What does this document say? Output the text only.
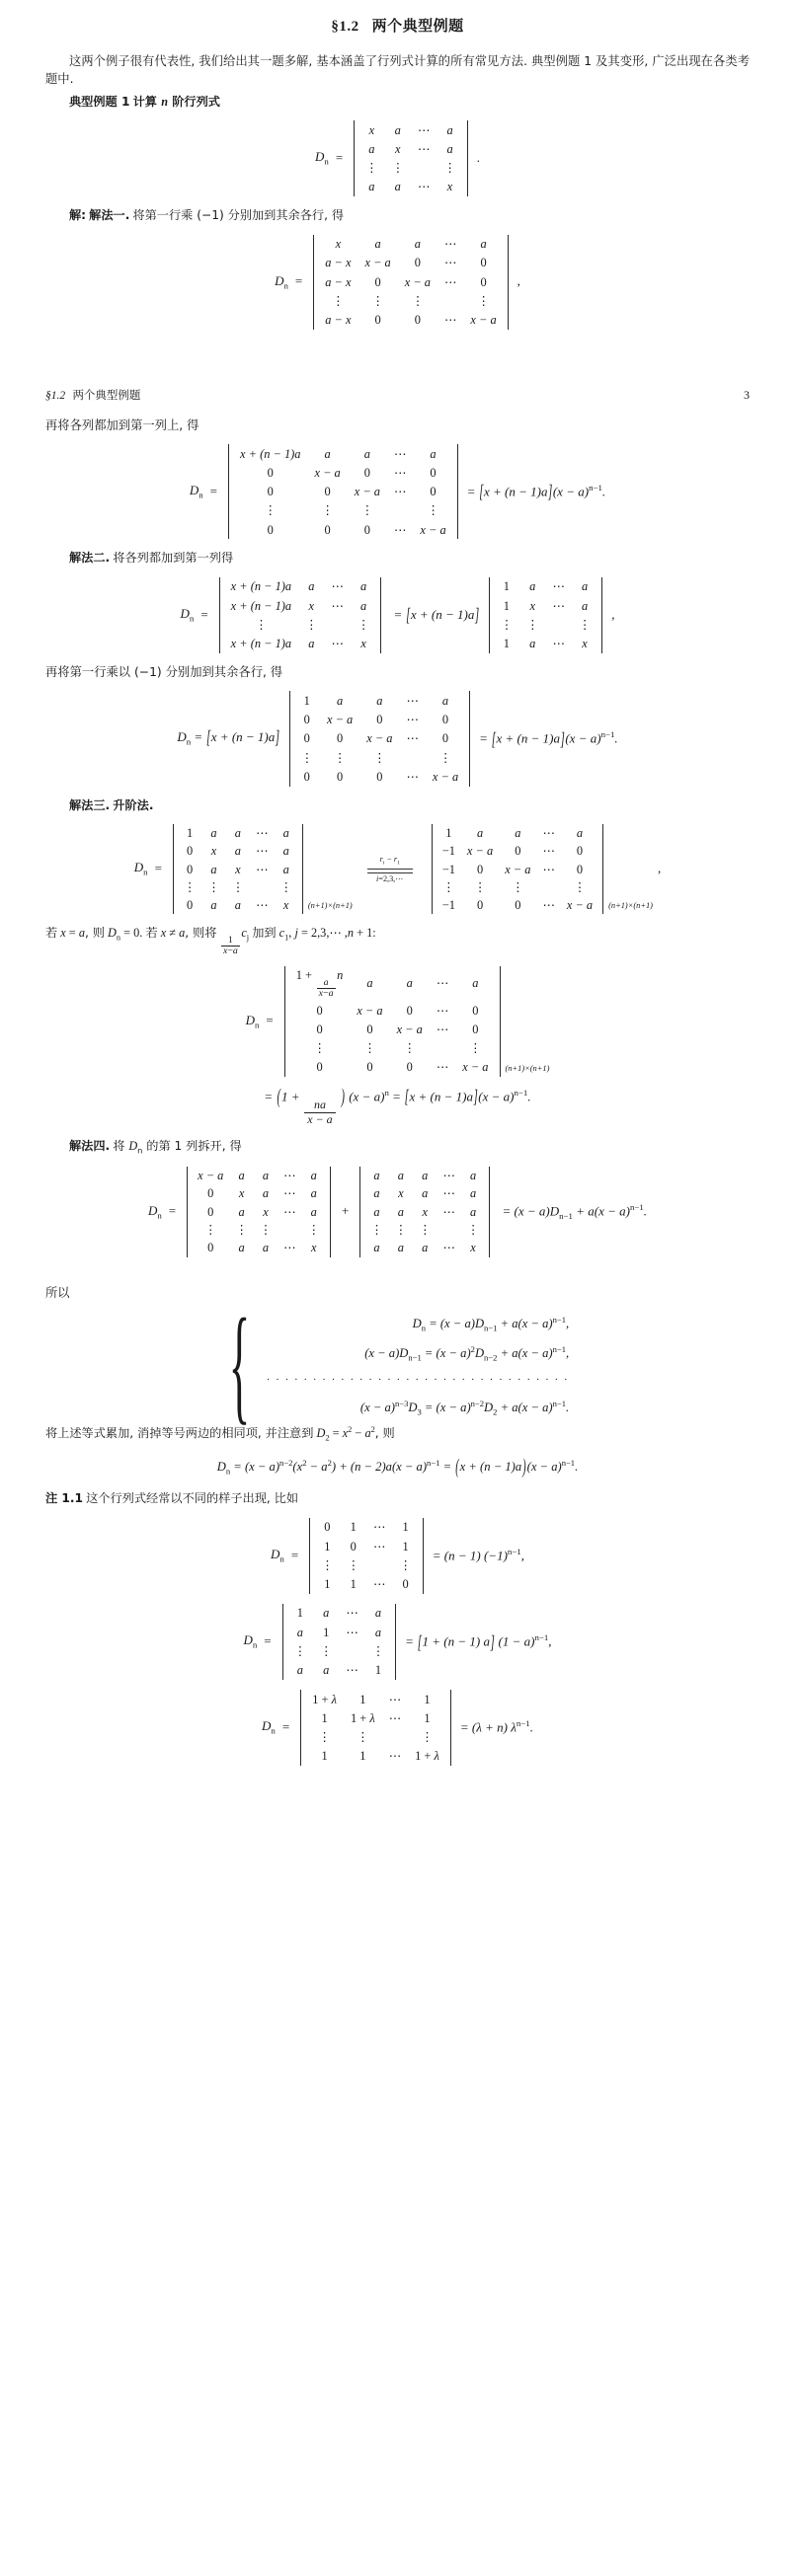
§1.2 两个典型例题

这两个例子很有代表性, 我们给出其一题多解, 基本涵盖了行列式计算的所有常见方法. 典型例题 1 及其变形, 广泛出现在各类考题中.

典型例题 1 计算 n 阶行列式

$D_n$ =
x	a	⋯	a
a	x	⋯	a
⋮	⋮		⋮
a	a	⋯	x
.

解: 解法一. 将第一行乘 (−1) 分别加到其余各行, 得

$D_n$ =
x	a	a	⋯	a
a − x	x − a	0	⋯	0
a − x	0	x − a	⋯	0
⋮	⋮	⋮		⋮
a − x	0	0	⋯	x − a
,
§1.2 两个典型例题	3

再将各列都加到第一列上, 得

$D_n$ =
x + (n − 1)a	a	a	⋯	a
0	x − a	0	⋯	0
0	0	x − a	⋯	0
⋮	⋮	⋮		⋮
0	0	0	⋯	x − a
= $[x + (n - 1)a](x - a)^{n-1}$.

解法二. 将各列都加到第一列得

$D_n$ =
x + (n − 1)a	a	⋯	a
x + (n − 1)a	x	⋯	a
⋮	⋮		⋮
x + (n − 1)a	a	⋯	x
= [x + (n − 1)a]
1	a	⋯	a
1	x	⋯	a
⋮	⋮		⋮
1	a	⋯	x
,

再将第一行乘以 (−1) 分别加到其余各行, 得

$D_n = [x + (n - 1)a]$
1	a	a	⋯	a
0	x − a	0	⋯	0
0	0	x − a	⋯	0
⋮	⋮	⋮		⋮
0	0	0	⋯	x − a
= $[x + (n - 1)a](x - a)^{n-1}$.

解法三. 升阶法.

$D_n$ =
1	a	a	⋯	a
0	x	a	⋯	a
0	a	x	⋯	a
⋮	⋮	⋮		⋮
0	a	a	⋯	x (n+1)×(n+1)
$r_i - r_1$
i=2,3,⋯
1	a	a	⋯	a
−1	x − a	0	⋯	0
−1	0	x − a	⋯	0
⋮	⋮	⋮		⋮
−1	0	0	⋯	x − a (n+1)×(n+1)
,

若 x = a, 则 $D_n = 0$. 若 x ≠ a, 则将
$\frac{1}{x-a}$
$c_j$ 加到 $c_1$, j = 2,3,⋯ ,n + 1:

$D_n$ =
1 +
$\frac{a}{x-a}$
n	a	a	⋯	a
0	x − a	0	⋯	0
0	0	x − a	⋯	0
⋮	⋮	⋮		⋮
0	0	0	⋯	x − a (n+1)×(n+1)
= (1 +
$\frac{na}{x - a}$
) $(x - a)^n = [x + (n - 1)a](x - a)^{n-1}$.

解法四. 将 $D_n$ 的第 1 列拆开, 得

$D_n$ =
x − a	a	a	⋯	a
0	x	a	⋯	a
0	a	x	⋯	a
⋮	⋮	⋮		⋮
0	a	a	⋯	x
+
a	a	a	⋯	a
a	x	a	⋯	a
a	a	x	⋯	a
⋮	⋮	⋮		⋮
a	a	a	⋯	x
= $(x - a)D_{n-1} + a(x - a)^{n-1}$.

所以

{	$D_n = (x - a)D_{n-1} + a(x - a)^{n-1}$,
$(x - a)D_{n-1} = (x - a)^2D_{n-2} + a(x - a)^{n-1}$,
· · · · · · · · · · · · · · · · · · · · · · · · · · · · · · · · ·
$(x - a)^{n-3}D_3 = (x - a)^{n-2}D_2 + a(x - a)^{n-1}$.

将上述等式累加, 消掉等号两边的相同项, 并注意到 $D_2 = x^2 - a^2$, 则

$D_n = (x - a)^{n-2}(x^2 - a^2) + (n - 2)a(x - a)^{n-1} = (x + (n - 1)a)(x - a)^{n-1}$.

注 1.1 这个行列式经常以不同的样子出现, 比如

$D_n$ =
0	1	⋯	1
1	0	⋯	1
⋮	⋮		⋮
1	1	⋯	0
= (n − 1) $(-1)^{n-1}$,
$D_n$ =
1	a	⋯	a
a	1	⋯	a
⋮	⋮		⋮
a	a	⋯	1
= [1 + (n − 1) a] $(1 - a)^{n-1}$,
$D_n$ =
1 + λ	1	⋯	1
1	1 + λ	⋯	1
⋮	⋮		⋮
1	1	⋯	1 + λ
= (λ + n) $\lambda^{n-1}$.
